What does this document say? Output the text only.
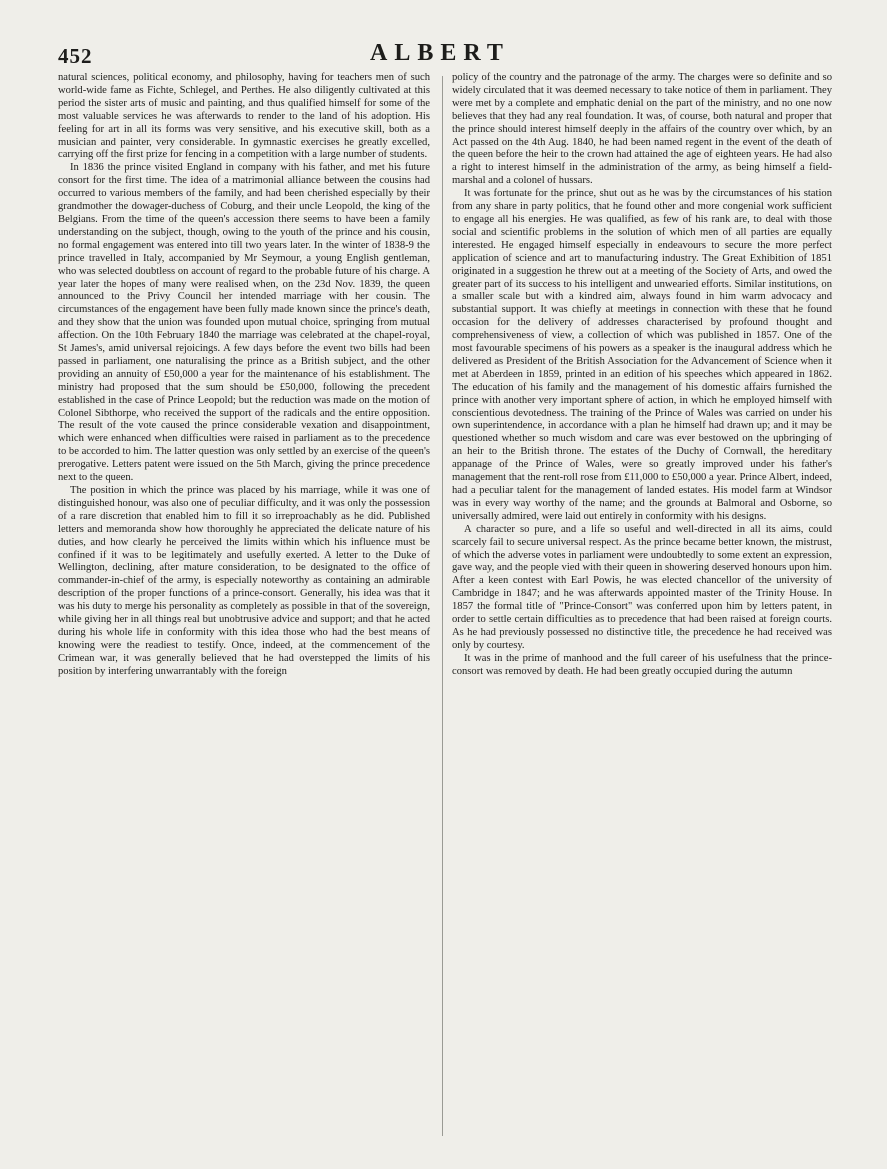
452	ALBERT

natural sciences, political economy, and philosophy, having for teachers men of such world-wide fame as Fichte, Schlegel, and Perthes. He also diligently cultivated at this period the sister arts of music and painting, and thus qualified himself for some of the most valuable services he was afterwards to render to the land of his adoption. His feeling for art in all its forms was very sensitive, and his executive skill, both as a musician and painter, very considerable. In gymnastic exercises he greatly excelled, carrying off the first prize for fencing in a competition with a large number of students.

In 1836 the prince visited England in company with his father, and met his future consort for the first time. The idea of a matrimonial alliance between the cousins had occurred to various members of the family, and had been cherished especially by their grandmother the dowager-duchess of Coburg, and their uncle Leopold, the king of the Belgians. From the time of the queen's accession there seems to have been a family understanding on the subject, though, owing to the youth of the prince and his cousin, no formal engagement was entered into till two years later. In the winter of 1838-9 the prince travelled in Italy, accompanied by Mr Seymour, a young English gentleman, who was selected doubtless on account of regard to the probable future of his charge. A year later the hopes of many were realised when, on the 23d Nov. 1839, the queen announced to the Privy Council her intended marriage with her cousin. The circumstances of the engagement have been fully made known since the prince's death, and they show that the union was founded upon mutual choice, springing from mutual affection. On the 10th February 1840 the marriage was celebrated at the chapel-royal, St James's, amid universal rejoicings. A few days before the event two bills had been passed in parliament, one naturalising the prince as a British subject, and the other providing an annuity of £50,000 a year for the maintenance of his establishment. The ministry had proposed that the sum should be £50,000, following the precedent established in the case of Prince Leopold; but the reduction was made on the motion of Colonel Sibthorpe, who received the support of the radicals and the entire opposition. The result of the vote caused the prince considerable vexation and disappointment, which were enhanced when difficulties were raised in parliament as to the precedence to be accorded to him. The latter question was only settled by an exercise of the queen's prerogative. Letters patent were issued on the 5th March, giving the prince precedence next to the queen.

The position in which the prince was placed by his marriage, while it was one of distinguished honour, was also one of peculiar difficulty, and it was only the possession of a rare discretion that enabled him to fill it so irreproachably as he did. Published letters and memoranda show how thoroughly he appreciated the delicate nature of his duties, and how clearly he perceived the limits within which his influence must be confined if it was to be legitimately and usefully exerted. A letter to the Duke of Wellington, declining, after mature consideration, to be designated to the office of commander-in-chief of the army, is especially noteworthy as containing an admirable description of the proper functions of a prince-consort. Generally, his idea was that it was his duty to merge his personality as completely as possible in that of the sovereign, while giving her in all things real but unobtrusive advice and support; and that he acted during his whole life in conformity with this idea those who had the best means of knowing were the readiest to testify. Once, indeed, at the commencement of the Crimean war, it was generally believed that he had overstepped the limits of his position by interfering unwarrantably with the foreign

policy of the country and the patronage of the army. The charges were so definite and so widely circulated that it was deemed necessary to take notice of them in parliament. They were met by a complete and emphatic denial on the part of the ministry, and no one now believes that they had any real foundation. It was, of course, both natural and proper that the prince should interest himself deeply in the affairs of the country over which, by an Act passed on the 4th Aug. 1840, he had been named regent in the event of the death of the queen before the heir to the crown had attained the age of eighteen years. He had also a right to interest himself in the administration of the army, as being himself a field-marshal and a colonel of hussars.

It was fortunate for the prince, shut out as he was by the circumstances of his station from any share in party politics, that he found other and more congenial work sufficient to engage all his energies. He was qualified, as few of his rank are, to deal with those social and scientific problems in the solution of which men of all parties are equally interested. He engaged himself especially in endeavours to secure the more perfect application of science and art to manufacturing industry. The Great Exhibition of 1851 originated in a suggestion he threw out at a meeting of the Society of Arts, and owed the greater part of its success to his intelligent and unwearied efforts. Similar institutions, on a smaller scale but with a kindred aim, always found in him warm advocacy and substantial support. It was chiefly at meetings in connection with these that he found occasion for the delivery of addresses characterised by profound thought and comprehensiveness of view, a collection of which was published in 1857. One of the most favourable specimens of his powers as a speaker is the inaugural address which he delivered as President of the British Association for the Advancement of Science when it met at Aberdeen in 1859, printed in an edition of his speeches which appeared in 1862. The education of his family and the management of his domestic affairs furnished the prince with another very important sphere of action, in which he employed himself with conscientious devotedness. The training of the Prince of Wales was carried on under his own superintendence, in accordance with a plan he himself had drawn up; and it may be questioned whether so much wisdom and care was ever bestowed on the upbringing of an heir to the British throne. The estates of the Duchy of Cornwall, the hereditary appanage of the Prince of Wales, were so greatly improved under his father's management that the rent-roll rose from £11,000 to £50,000 a year. Prince Albert, indeed, had a peculiar talent for the management of landed estates. His model farm at Windsor was in every way worthy of the name; and the grounds at Balmoral and Osborne, so universally admired, were laid out entirely in conformity with his designs.

A character so pure, and a life so useful and well-directed in all its aims, could scarcely fail to secure universal respect. As the prince became better known, the mistrust, of which the adverse votes in parliament were undoubtedly to some extent an expression, gave way, and the people vied with their queen in showering deserved honours upon him. After a keen contest with Earl Powis, he was elected chancellor of the university of Cambridge in 1847; and he was afterwards appointed master of the Trinity House. In 1857 the formal title of "Prince-Consort" was conferred upon him by letters patent, in order to settle certain difficulties as to precedence that had been raised at foreign courts. As he had previously possessed no distinctive title, the precedence he had received was only by courtesy.

It was in the prime of manhood and the full career of his usefulness that the prince-consort was removed by death. He had been greatly occupied during the autumn
